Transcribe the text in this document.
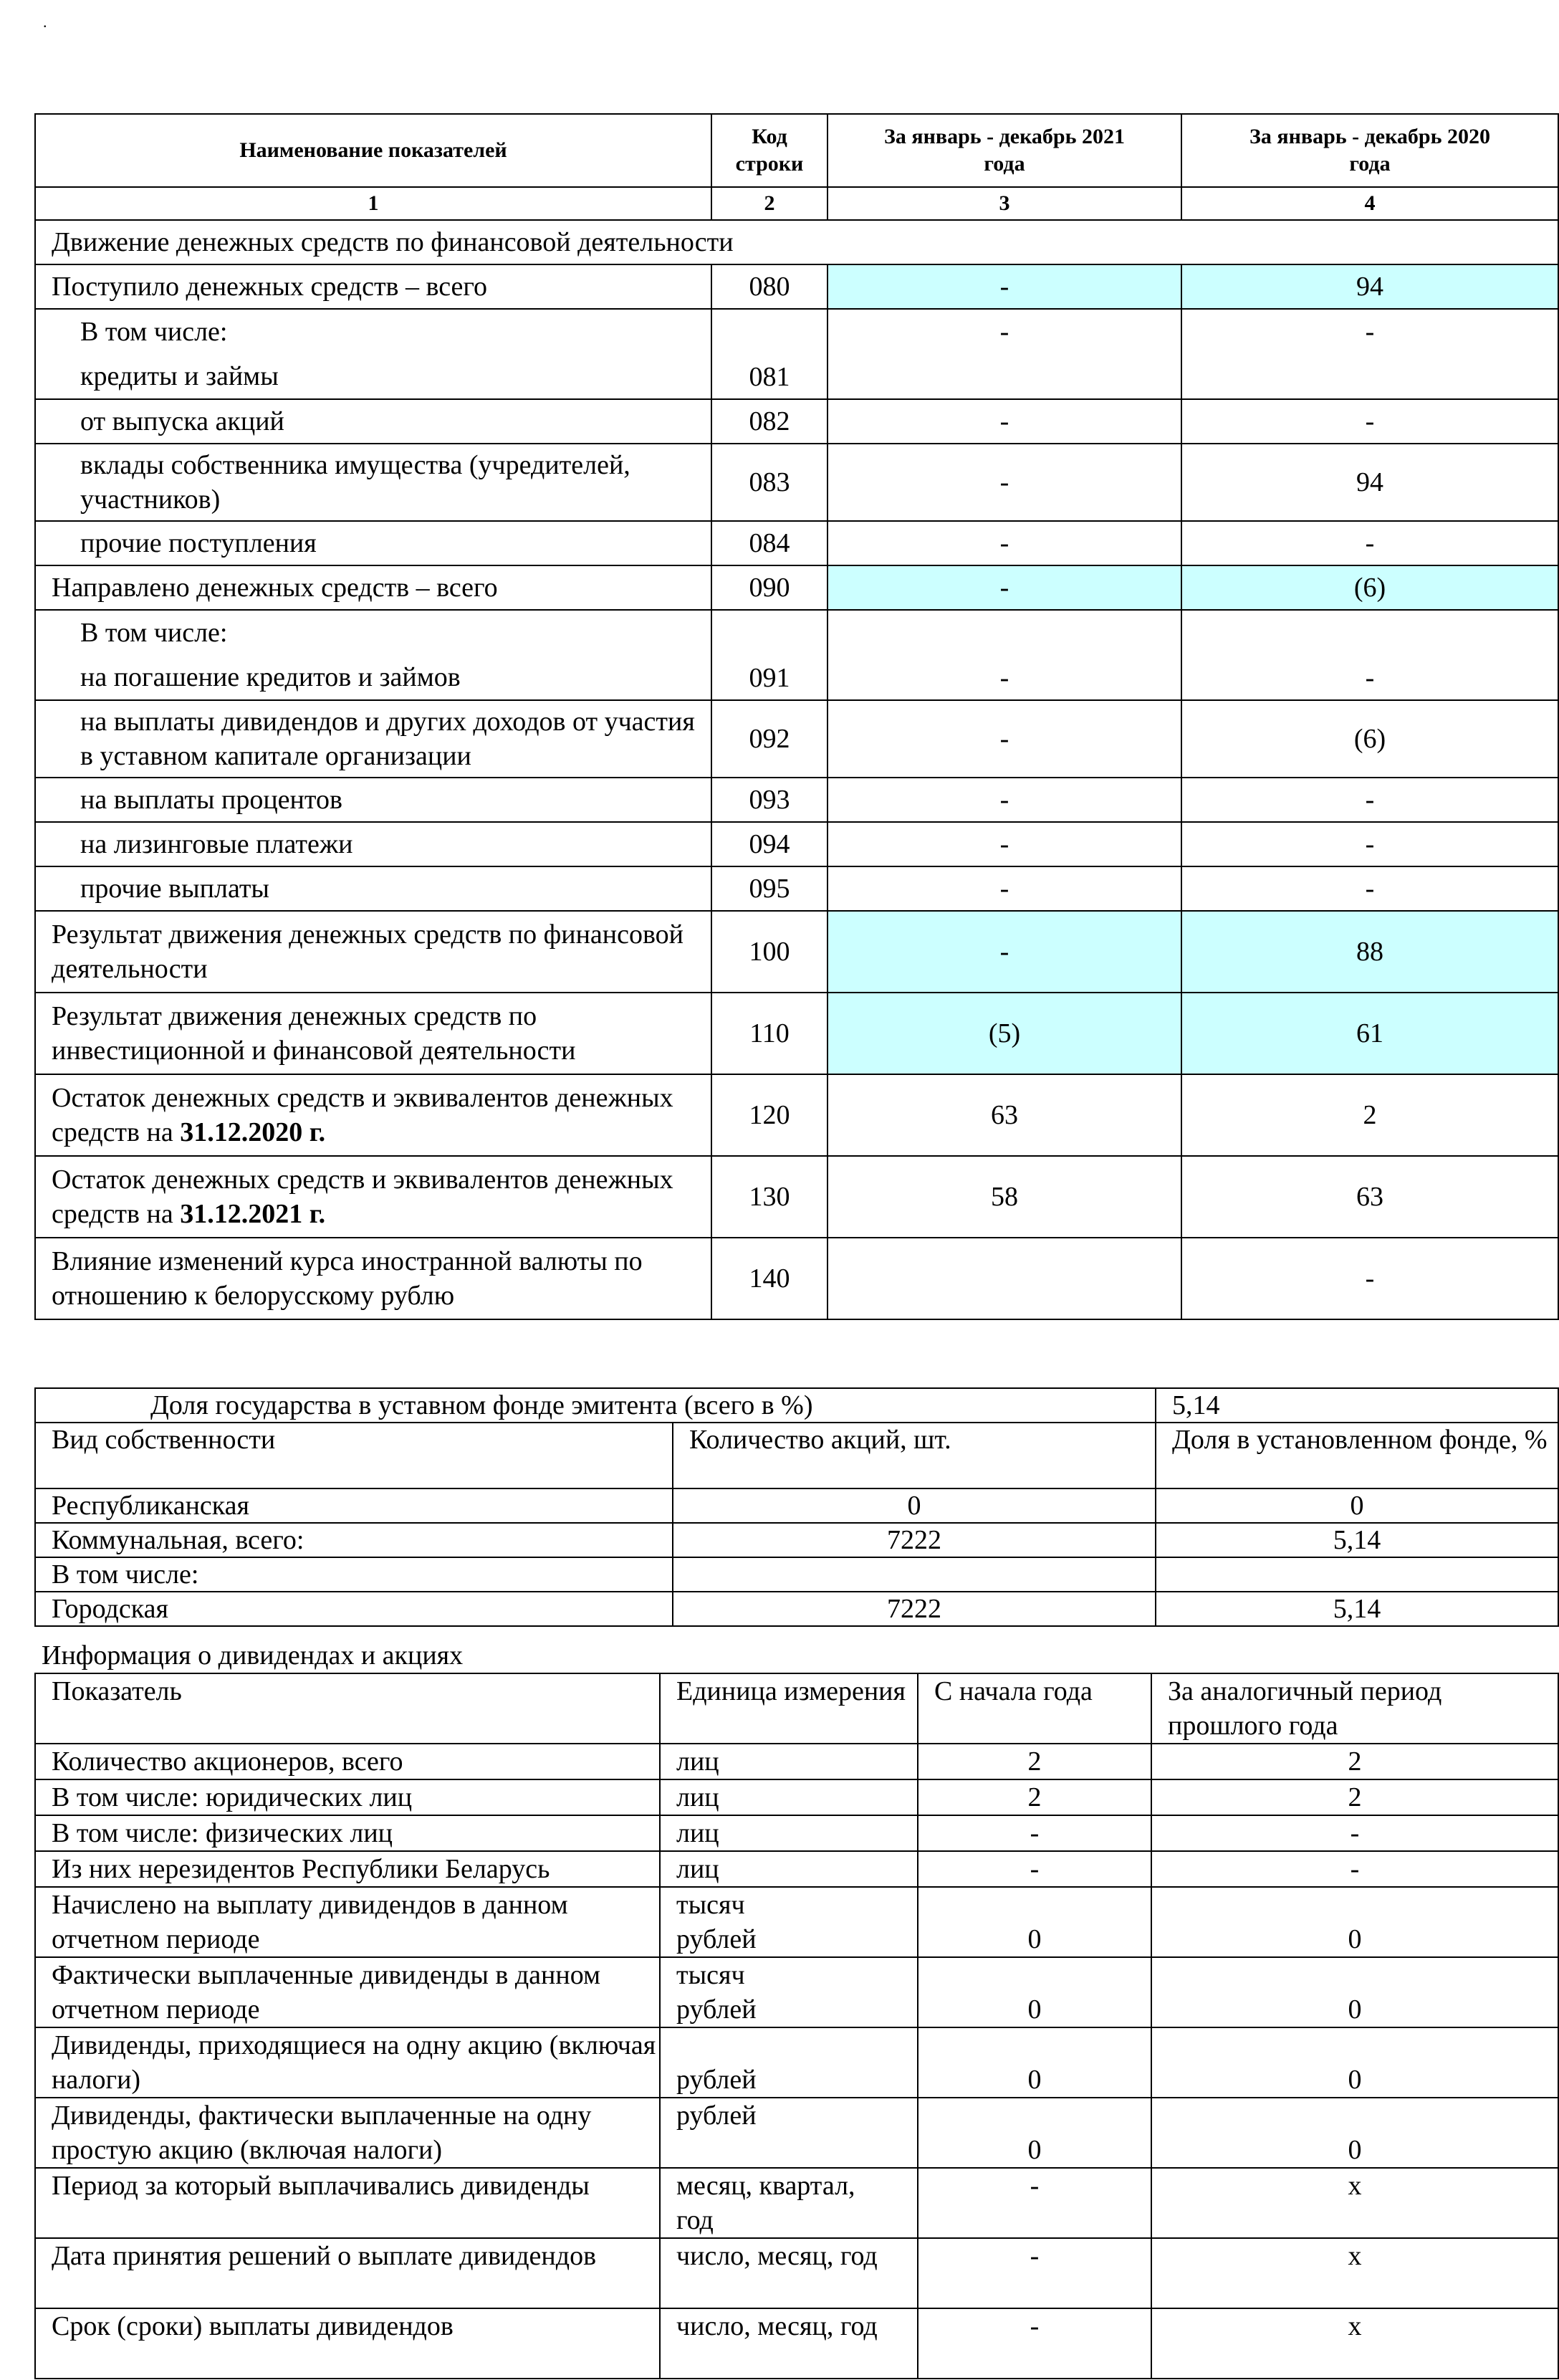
.
Наименование показателей	Код строки	За январь - декабрь 2021 года	За январь - декабрь 2020 года

1	2	3	4
Движение денежных средств по финансовой деятельности			
Поступило денежных средств – всего	080	-	94

В том числе:
кредиты и займы	081	-	-

от выпуска акций	082	-	-

вклады собственника имущества (учредителей, участников)	083	-	94
прочие поступления	084	-	-
Направлено денежных средств – всего	090	-	(6)

В том числе:
на погашение кредитов и займов	091	-	-

на выплаты дивидендов и других доходов от участия в уставном капитале организации	092	-	(6)
на выплаты процентов	093	-	-
на лизинговые платежи	094	-	-
прочие выплаты	095	-	-
Результат движения денежных средств по финансовой деятельности	100	-	88
Результат движения денежных средств по инвестиционной и финансовой деятельности	110	(5)	61
Остаток денежных средств и эквивалентов денежных средств на 31.12.2020 г.	120	63	2
Остаток денежных средств и эквивалентов денежных средств на 31.12.2021 г.	130	58	63
Влияние изменений курса иностранной валюты по отношению к белорусскому рублю	140		-
Доля государства в уставном фонде эмитента (всего в %)		5,14
Вид собственности	Количество акций, шт.	Доля в установленном фонде, %
Республиканская	0	0
Коммунальная, всего:	7222	5,14
В том числе:		
Городская	7222	5,14
Информация о дивидендах и акциях
Показатель	Единица измерения	С начала года	За аналогичный период прошлого года
Количество акционеров, всего	лиц	2	2
В том числе: юридических лиц	лиц	2	2
В том числе: физических лиц	лиц	-	-
Из них нерезидентов Республики Беларусь	лиц	-	-
Начислено на выплату дивидендов в данном отчетном периоде	тысяч рублей	0	0
Фактически выплаченные дивиденды в данном отчетном периоде	тысяч рублей	0	0
Дивиденды, приходящиеся на одну акцию (включая налоги)	рублей	0	0
Дивиденды, фактически выплаченные на одну простую акцию (включая налоги)	рублей	0	0
Период за который выплачивались дивиденды	месяц, квартал, год	-	х
Дата принятия решений о выплате дивидендов	число, месяц, год	-	х
Срок (сроки) выплаты дивидендов	число, месяц, год	-	х
